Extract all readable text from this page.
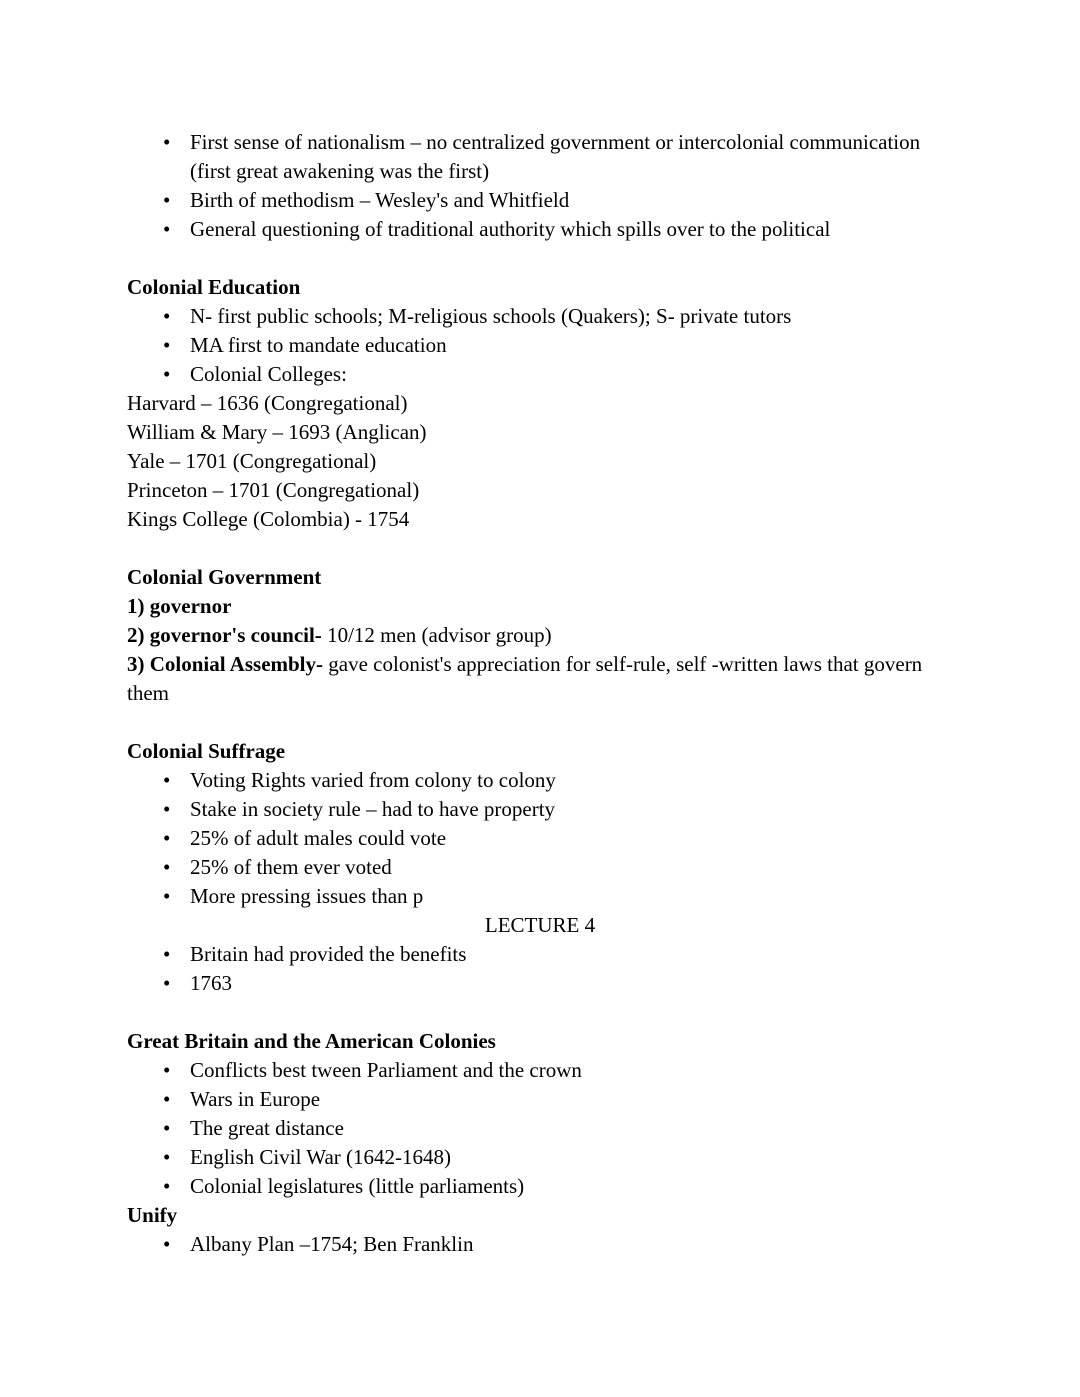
• First sense of nationalism – no centralized government or intercolonial communication (first great awakening was the first)
• Birth of methodism – Wesley's and Whitfield
• General questioning of traditional authority which spills over to the political
Colonial Education
• N- first public schools; M-religious schools (Quakers); S- private tutors
• MA first to mandate education
• Colonial Colleges:
Harvard – 1636 (Congregational)
William & Mary – 1693 (Anglican)
Yale – 1701 (Congregational)
Princeton – 1701 (Congregational)
Kings College (Colombia) - 1754
Colonial Government
1) governor
2) governor's council- 10/12 men (advisor group)
3) Colonial Assembly- gave colonist's appreciation for self-rule, self -written laws that govern them
Colonial Suffrage
• Voting Rights varied from colony to colony
• Stake in society rule – had to have property
• 25% of adult males could vote
• 25% of them ever voted
• More pressing issues than p
LECTURE 4
• Britain had provided the benefits
• 1763
Great Britain and the American Colonies
• Conflicts best tween Parliament and the crown
• Wars in Europe
• The great distance
• English Civil War (1642-1648)
• Colonial legislatures (little parliaments)
Unify
• Albany Plan –1754; Ben Franklin
